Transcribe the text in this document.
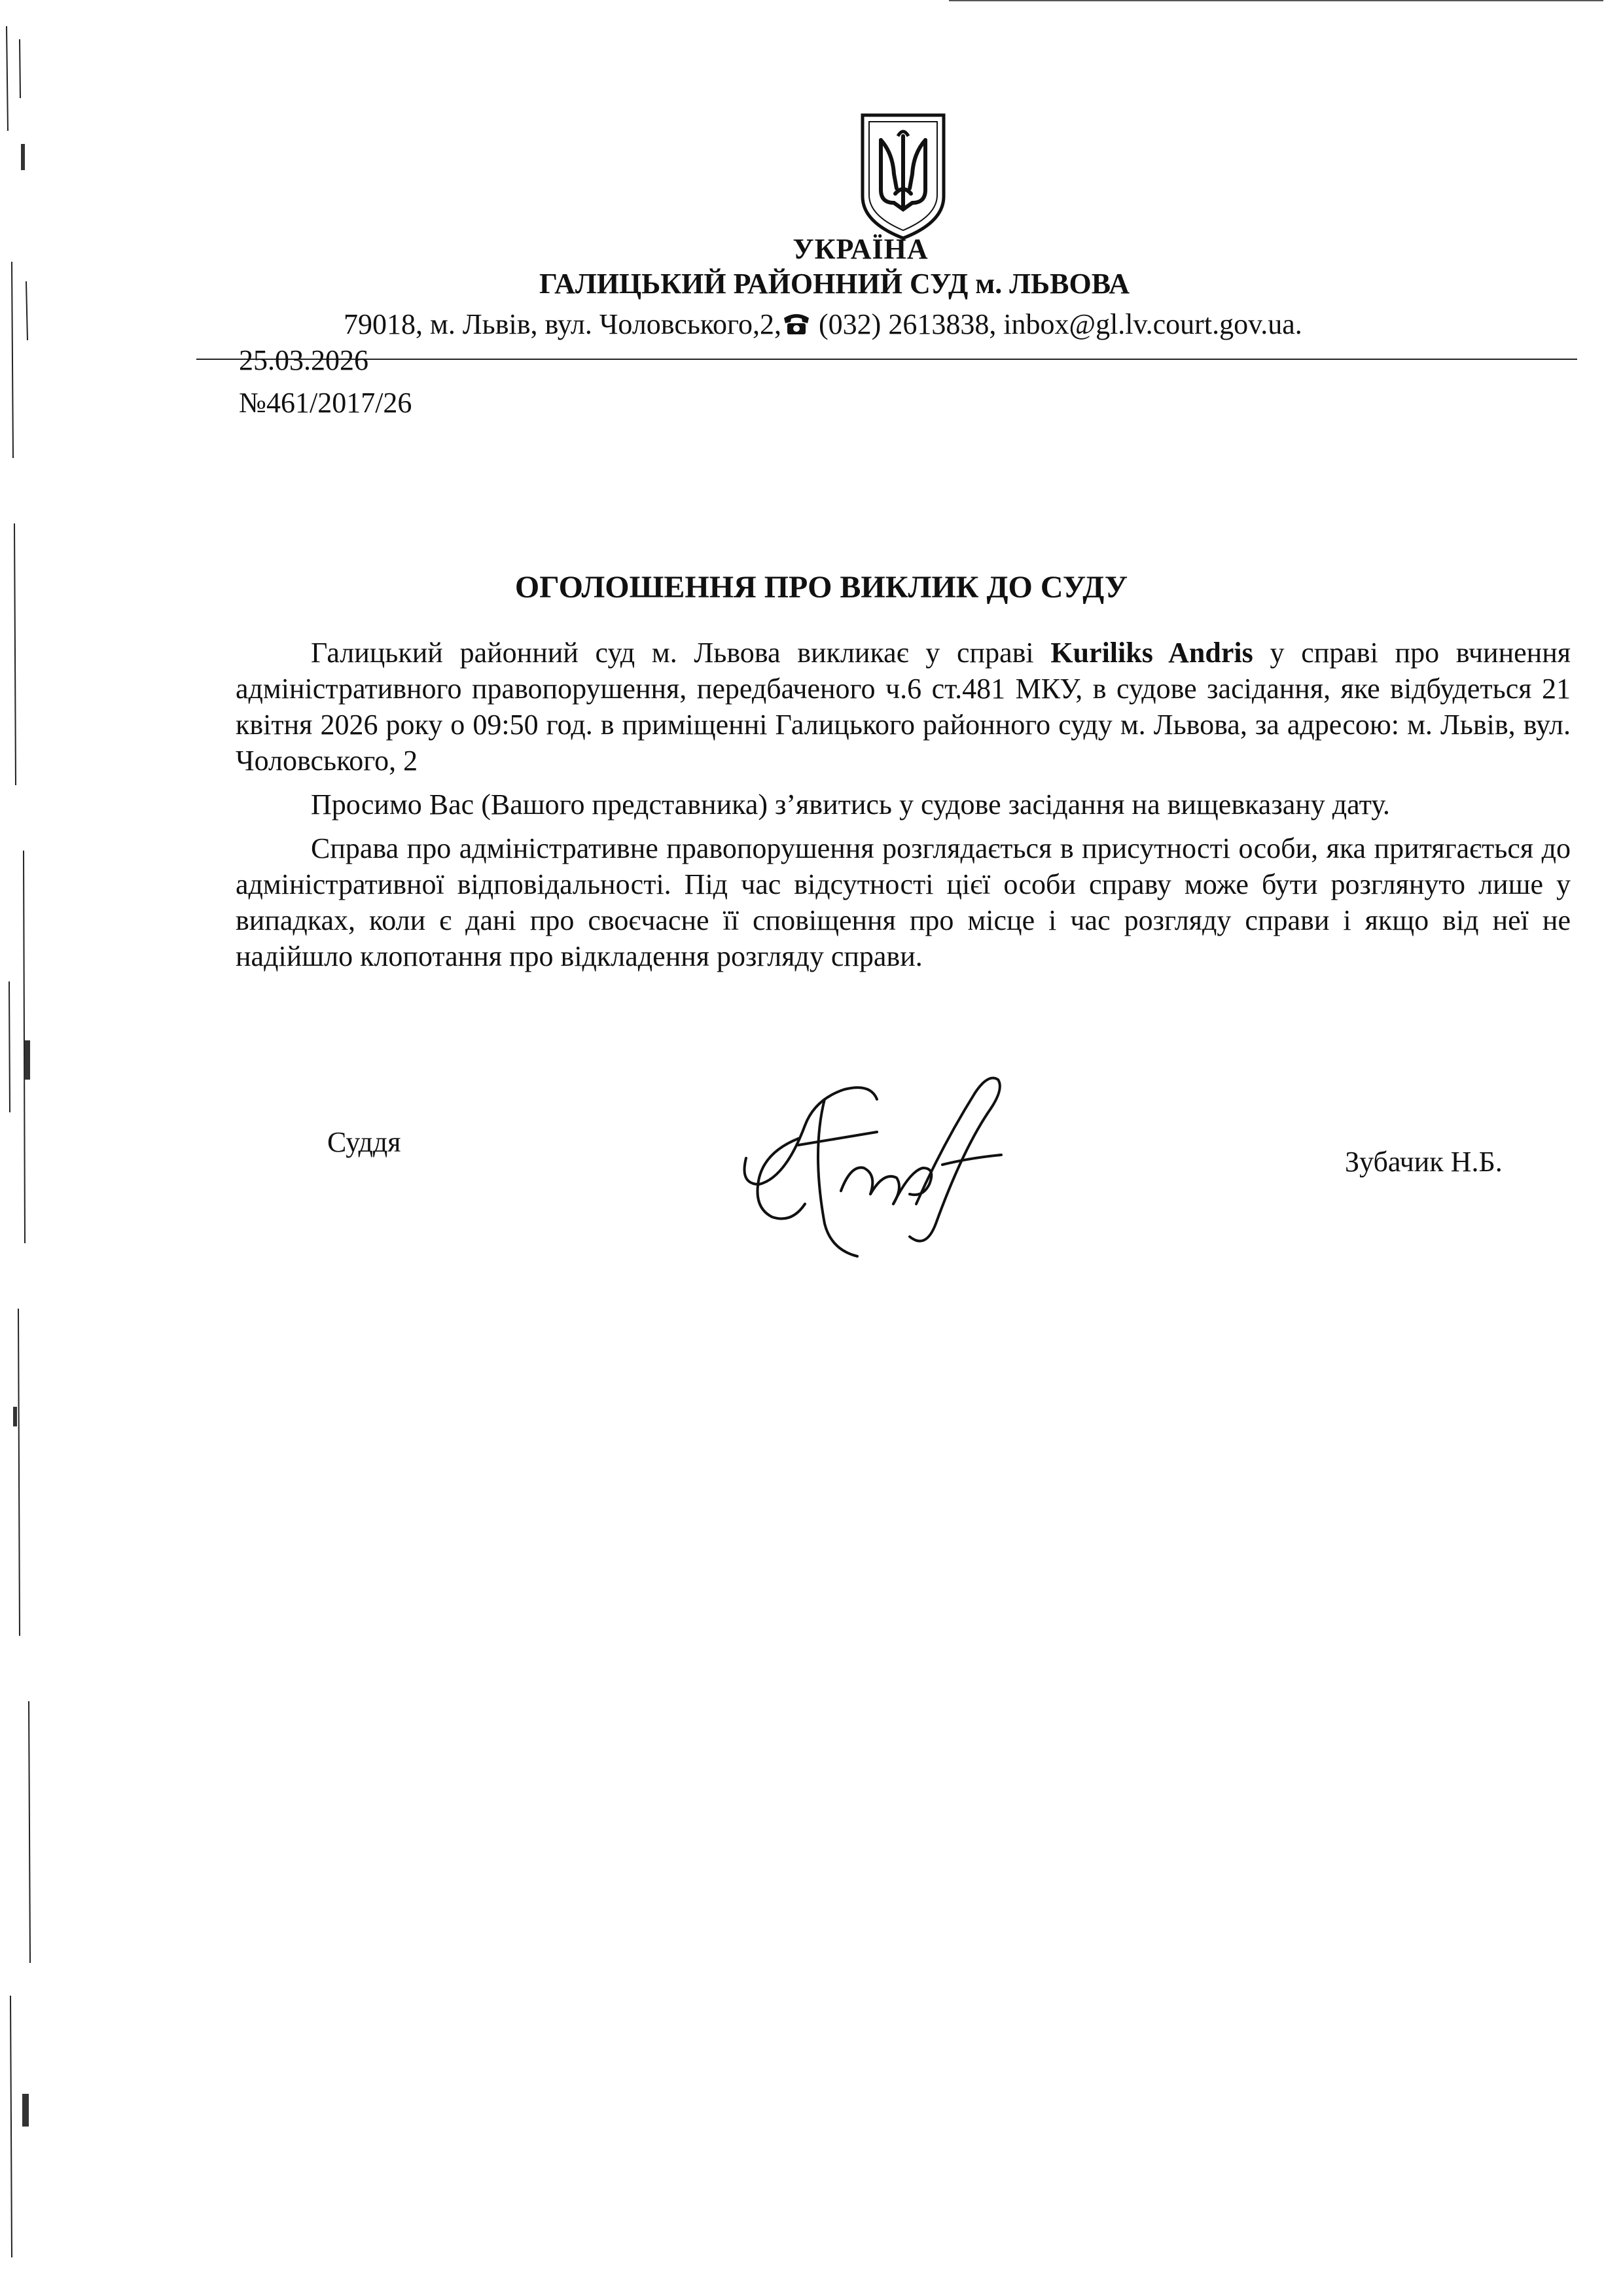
УКРАЇНА
ГАЛИЦЬКИЙ РАЙОННИЙ СУД м. ЛЬВОВА
79018, м. Львів, вул. Чоловського,2, (032) 2613838, inbox@gl.lv.court.gov.ua.
25.03.2026
№461/2017/26
ОГОЛОШЕННЯ ПРО ВИКЛИК ДО СУДУ

Галицький районний суд м. Львова викликає у справі Kuriliks Andris у справі про вчинення адміністративного правопорушення, передбаченого ч.6 ст.481 МКУ, в судове засідання, яке відбудеться 21 квітня 2026 року о 09:50 год. в приміщенні Галицького районного суду м. Львова, за адресою: м. Львів, вул. Чоловського, 2

Просимо Вас (Вашого представника) з’явитись у судове засідання на вищевказану дату.

Справа про адміністративне правопорушення розглядається в присутності особи, яка притягається до адміністративної відповідальності. Під час відсутності цієї особи справу може бути розглянуто лише у випадках, коли є дані про своєчасне її сповіщення про місце і час розгляду справи і якщо від неї не надійшло клопотання про відкладення розгляду справи.

Суддя
Зубачик Н.Б.
